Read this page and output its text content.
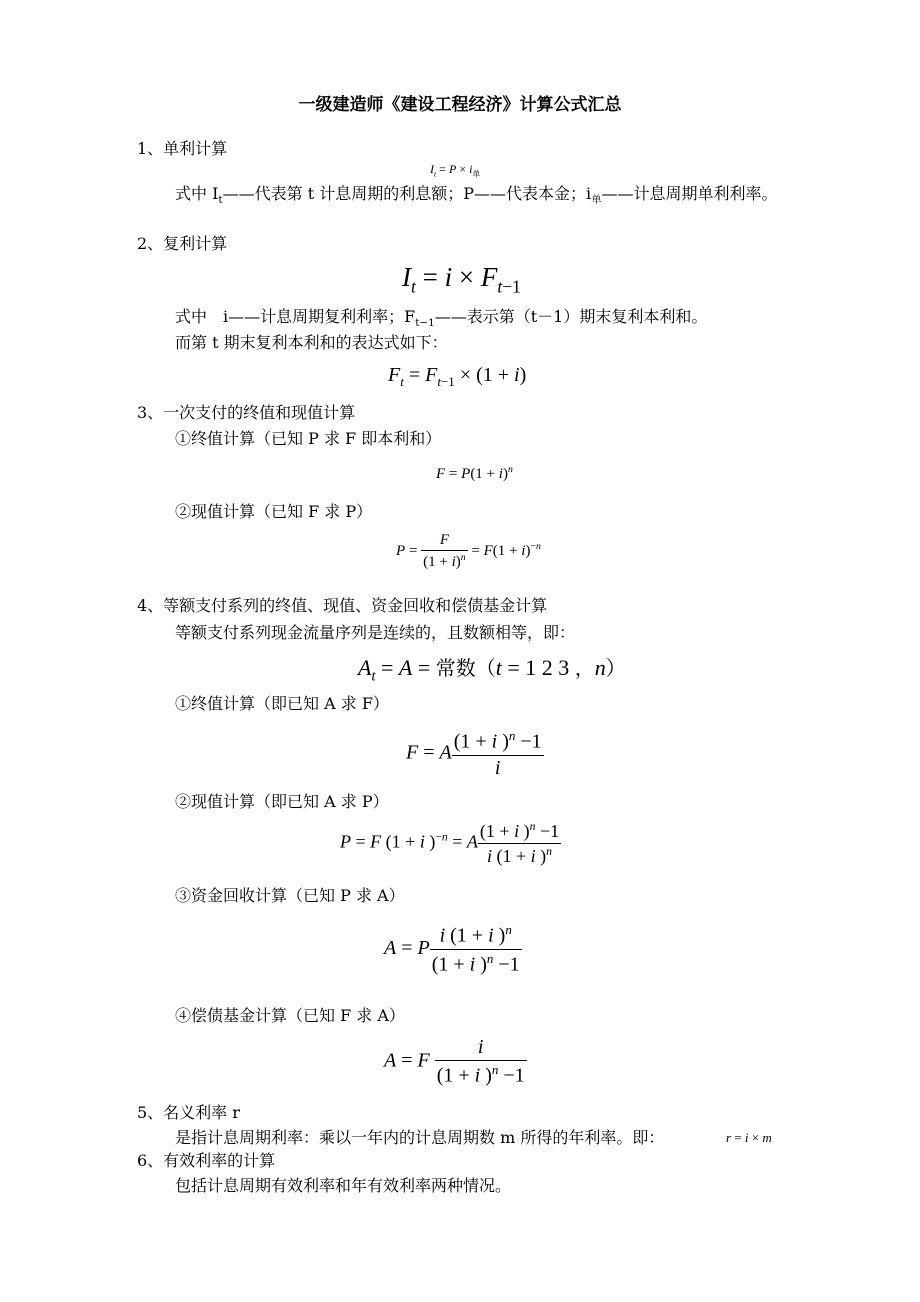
一级建造师《建设工程经济》计算公式汇总
1、单利计算
$I_t = P \times i_单$
式中 $I_t——$代表第 t 计息周期的利息额；P——代表本金；$i_单——$计息周期单利利率。
2、复利计算
$I_t = i \times F_{t-1}$
式中　i——计息周期复利利率；$F_{t-1}——$表示第（t－1）期末复利本利和。
而第 t 期末复利本利和的表达式如下：
$F_t = F_{t-1} \times (1 + i)$
3、一次支付的终值和现值计算
①终值计算（已知 P 求 F 即本利和）
$F = P(1 + i)^n$
②现值计算（已知 F 求 P）
$P = \frac{F}{(1 + i)^n} = F(1 + i)^{-n}$
4、等额支付系列的终值、现值、资金回收和偿债基金计算
等额支付系列现金流量序列是连续的，且数额相等，即：
$A_t = A$ = 常数（t = 1 2 3 ，n）
①终值计算（即已知 A 求 F）
F = A $\frac{(1 + i )^n -1}{i}$
②现值计算（即已知 A 求 P）
P = F (1 + i )$^{-n}$ = A $\frac{(1 + i )^n -1}{i (1 + i )^n}$
③资金回收计算（已知 P 求 A）
A = P $\frac{i (1 + i )^n}{(1 + i )^n -1}$
④偿债基金计算（已知 F 求 A）
A = F $\frac{i}{(1 + i )^n -1}$
5、名义利率 r
是指计息周期利率：乘以一年内的计息周期数 m 所得的年利率。即：	r = i × m
6、有效利率的计算
包括计息周期有效利率和年有效利率两种情况。
